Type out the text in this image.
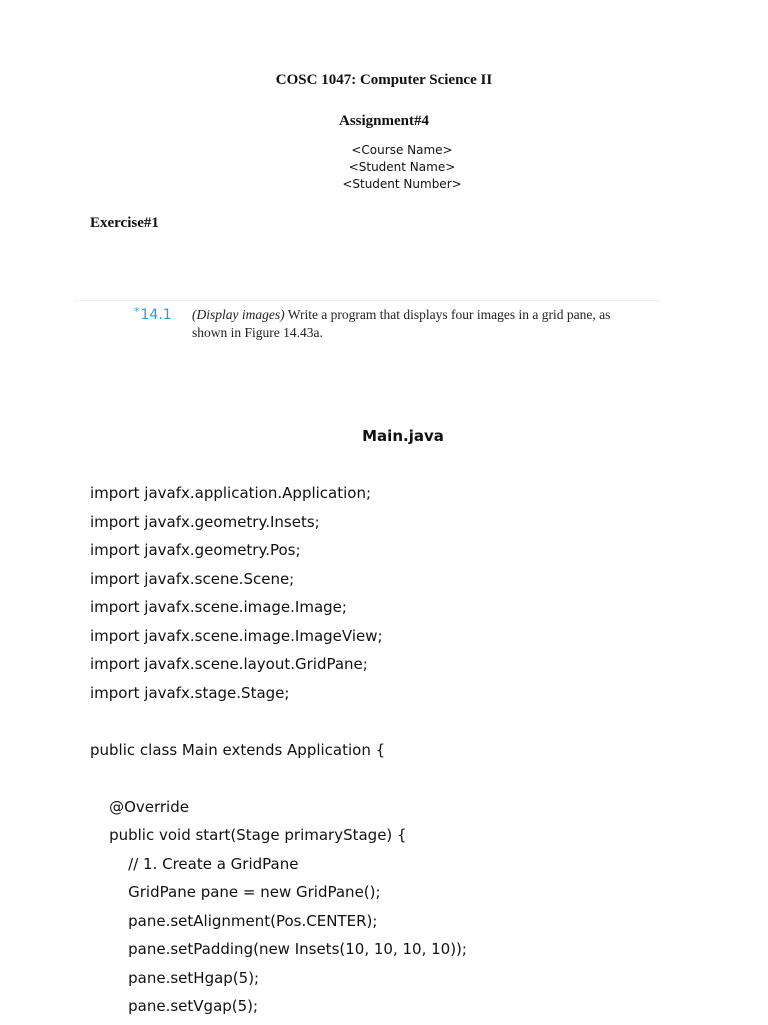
COSC 1047: Computer Science II
Assignment#4
<Course Name>
<Student Name>
<Student Number>
Exercise#1
*14.1 (Display images) Write a program that displays four images in a grid pane, as shown in Figure 14.43a.
Main.java
import javafx.application.Application;
import javafx.geometry.Insets;
import javafx.geometry.Pos;
import javafx.scene.Scene;
import javafx.scene.image.Image;
import javafx.scene.image.ImageView;
import javafx.scene.layout.GridPane;
import javafx.stage.Stage;
public class Main extends Application {
@Override
public void start(Stage primaryStage) {
// 1. Create a GridPane
GridPane pane = new GridPane();
pane.setAlignment(Pos.CENTER);
pane.setPadding(new Insets(10, 10, 10, 10));
pane.setHgap(5);
pane.setVgap(5);
